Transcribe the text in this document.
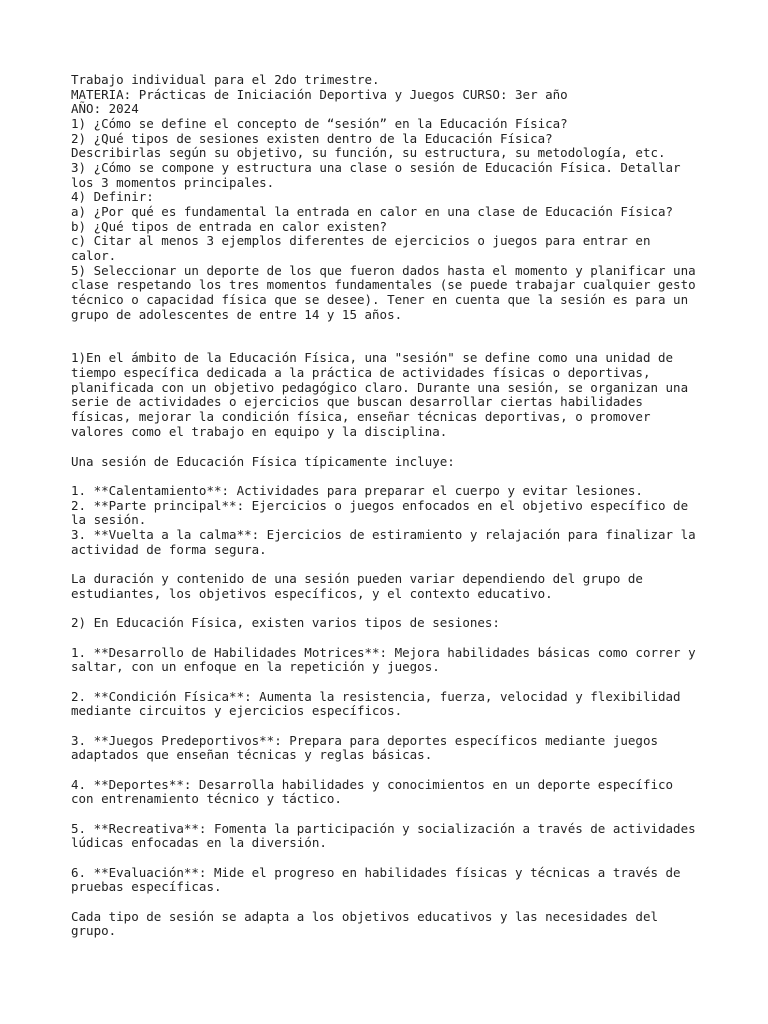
Trabajo individual para el 2do trimestre.
MATERIA: Prácticas de Iniciación Deportiva y Juegos CURSO: 3er año
AÑO: 2024
1) ¿Cómo se define el concepto de “sesión” en la Educación Física?
2) ¿Qué tipos de sesiones existen dentro de la Educación Física?
Describirlas según su objetivo, su función, su estructura, su metodología, etc.
3) ¿Cómo se compone y estructura una clase o sesión de Educación Física. Detallar
los 3 momentos principales.
4) Definir:
a) ¿Por qué es fundamental la entrada en calor en una clase de Educación Física?
b) ¿Qué tipos de entrada en calor existen?
c) Citar al menos 3 ejemplos diferentes de ejercicios o juegos para entrar en
calor.
5) Seleccionar un deporte de los que fueron dados hasta el momento y planificar una
clase respetando los tres momentos fundamentales (se puede trabajar cualquier gesto
técnico o capacidad física que se desee). Tener en cuenta que la sesión es para un
grupo de adolescentes de entre 14 y 15 años.
1)En el ámbito de la Educación Física, una "sesión" se define como una unidad de
tiempo específica dedicada a la práctica de actividades físicas o deportivas,
planificada con un objetivo pedagógico claro. Durante una sesión, se organizan una
serie de actividades o ejercicios que buscan desarrollar ciertas habilidades
físicas, mejorar la condición física, enseñar técnicas deportivas, o promover
valores como el trabajo en equipo y la disciplina.
Una sesión de Educación Física típicamente incluye:
1. **Calentamiento**: Actividades para preparar el cuerpo y evitar lesiones.
2. **Parte principal**: Ejercicios o juegos enfocados en el objetivo específico de
la sesión.
3. **Vuelta a la calma**: Ejercicios de estiramiento y relajación para finalizar la
actividad de forma segura.
La duración y contenido de una sesión pueden variar dependiendo del grupo de
estudiantes, los objetivos específicos, y el contexto educativo.
2) En Educación Física, existen varios tipos de sesiones:
1. **Desarrollo de Habilidades Motrices**: Mejora habilidades básicas como correr y
saltar, con un enfoque en la repetición y juegos.
2. **Condición Física**: Aumenta la resistencia, fuerza, velocidad y flexibilidad
mediante circuitos y ejercicios específicos.
3. **Juegos Predeportivos**: Prepara para deportes específicos mediante juegos
adaptados que enseñan técnicas y reglas básicas.
4. **Deportes**: Desarrolla habilidades y conocimientos en un deporte específico
con entrenamiento técnico y táctico.
5. **Recreativa**: Fomenta la participación y socialización a través de actividades
lúdicas enfocadas en la diversión.
6. **Evaluación**: Mide el progreso en habilidades físicas y técnicas a través de
pruebas específicas.
Cada tipo de sesión se adapta a los objetivos educativos y las necesidades del
grupo.
